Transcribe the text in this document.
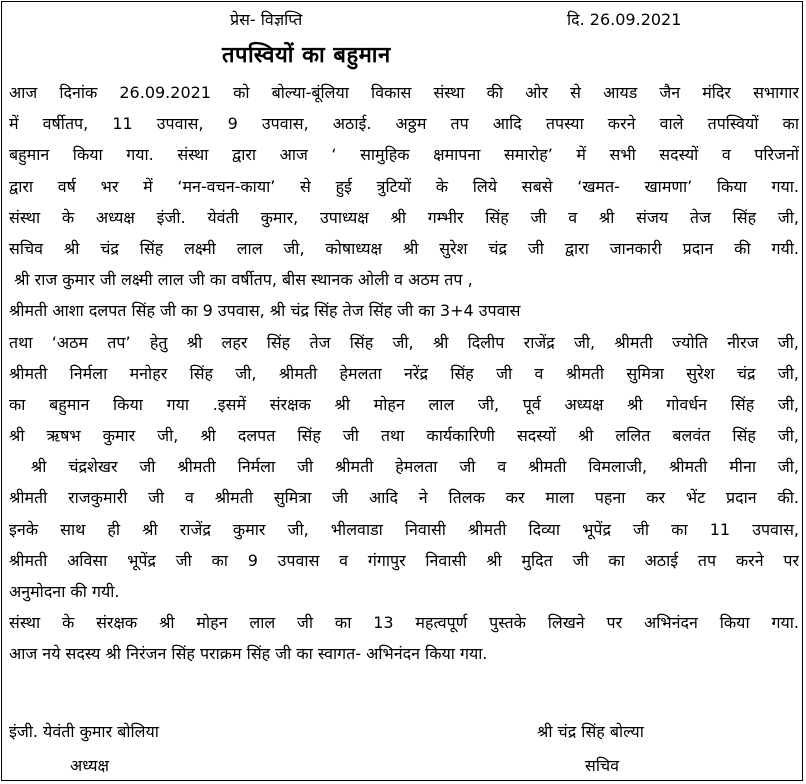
प्रेस- विज्ञप्ति	दि. 26.09.2021
तपस्वियों का बहुमान
आज दिनांक 26.09.2021 को बोल्या-बूंलिया विकास संस्था की ओर से आयड जैन मंदिर सभागार
में वर्षीतप, 11 उपवास, 9 उपवास, अठाई. अठ्ठम तप आदि तपस्या करने वाले तपस्वियों का
बहुमान किया गया. संस्था द्वारा आज ‘ सामुहिक क्षमापना समारोह’ में सभी सदस्यों व परिजनों
द्वारा वर्ष भर में ‘मन-वचन-काया’ से हुई त्रुटियों के लिये सबसे ‘खमत- खामणा’ किया गया.
संस्था के अध्यक्ष इंजी. येवंती कुमार, उपाध्यक्ष श्री गम्भीर सिंह जी व श्री संजय तेज सिंह जी,
सचिव श्री चंद्र सिंह लक्ष्मी लाल जी, कोषाध्यक्ष श्री सुरेश चंद्र जी द्वारा जानकारी प्रदान की गयी.
श्री राज कुमार जी लक्ष्मी लाल जी का वर्षीतप, बीस स्थानक ओली व अठम तप ,
श्रीमती आशा दलपत सिंह जी का 9 उपवास, श्री चंद्र सिंह तेज सिंह जी का 3+4 उपवास
तथा ‘अठम तप’ हेतु श्री लहर सिंह तेज सिंह जी, श्री दिलीप राजेंद्र जी, श्रीमती ज्योति नीरज जी,
श्रीमती निर्मला मनोहर सिंह जी, श्रीमती हेमलता नरेंद्र सिंह जी व श्रीमती सुमित्रा सुरेश चंद्र जी,
का बहुमान किया गया .इसमें संरक्षक श्री मोहन लाल जी, पूर्व अध्यक्ष श्री गोवर्धन सिंह जी,
श्री ऋषभ कुमार जी, श्री दलपत सिंह जी तथा कार्यकारिणी सदस्यों श्री ललित बलवंत सिंह जी,
श्री चंद्रशेखर जी श्रीमती निर्मला जी श्रीमती हेमलता जी व श्रीमती विमलाजी, श्रीमती मीना जी,
श्रीमती राजकुमारी जी व श्रीमती सुमित्रा जी आदि ने तिलक कर माला पहना कर भेंट प्रदान की.
इनके साथ ही श्री राजेंद्र कुमार जी, भीलवाडा निवासी श्रीमती दिव्या भूपेंद्र जी का 11 उपवास,
श्रीमती अविसा भूपेंद्र जी का 9 उपवास व गंगापुर निवासी श्री मुदित जी का अठाई तप करने पर
अनुमोदना की गयी.
संस्था के संरक्षक श्री मोहन लाल जी का 13 महत्वपूर्ण पुस्तके लिखने पर अभिनंदन किया गया.
आज नये सदस्य श्री निरंजन सिंह पराक्रम सिंह जी का स्वागत- अभिनंदन किया गया.
इंजी. येवंती कुमार बोलिया
अध्यक्ष
श्री चंद्र सिंह बोल्या
सचिव
